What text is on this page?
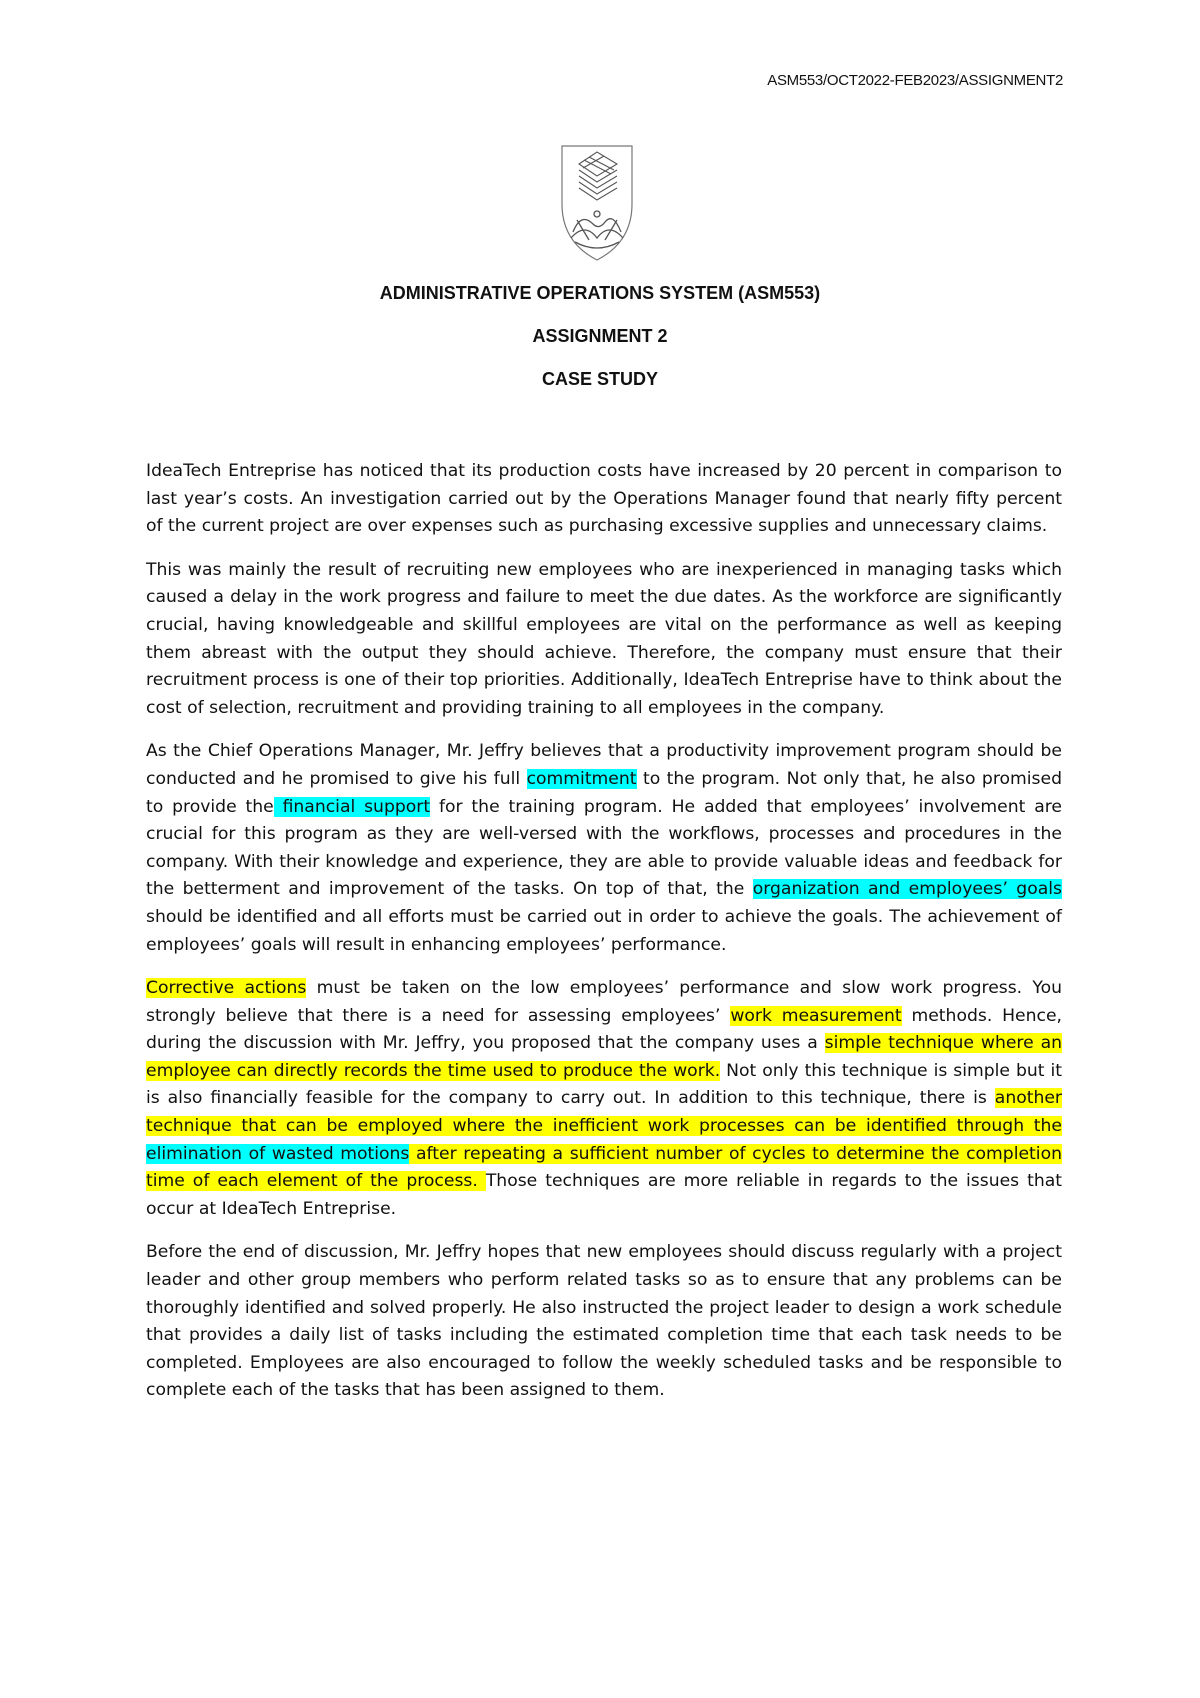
ASM553/OCT2022-FEB2023/ASSIGNMENT2
ADMINISTRATIVE OPERATIONS SYSTEM (ASM553)
ASSIGNMENT 2
CASE STUDY

IdeaTech Entreprise has noticed that its production costs have increased by 20 percent in comparison to last year’s costs. An investigation carried out by the Operations Manager found that nearly fifty percent of the current project are over expenses such as purchasing excessive supplies and unnecessary claims.

This was mainly the result of recruiting new employees who are inexperienced in managing tasks which caused a delay in the work progress and failure to meet the due dates. As the workforce are significantly crucial, having knowledgeable and skillful employees are vital on the performance as well as keeping them abreast with the output they should achieve. Therefore, the company must ensure that their recruitment process is one of their top priorities. Additionally, IdeaTech Entreprise have to think about the cost of selection, recruitment and providing training to all employees in the company.

As the Chief Operations Manager, Mr. Jeffry believes that a productivity improvement program should be conducted and he promised to give his full commitment to the program. Not only that, he also promised to provide the financial support for the training program. He added that employees’ involvement are crucial for this program as they are well-versed with the workflows, processes and procedures in the company. With their knowledge and experience, they are able to provide valuable ideas and feedback for the betterment and improvement of the tasks. On top of that, the organization and employees’ goals should be identified and all efforts must be carried out in order to achieve the goals. The achievement of employees’ goals will result in enhancing employees’ performance.

Corrective actions must be taken on the low employees’ performance and slow work progress. You strongly believe that there is a need for assessing employees’ work measurement methods. Hence, during the discussion with Mr. Jeffry, you proposed that the company uses a simple technique where an employee can directly records the time used to produce the work. Not only this technique is simple but it is also financially feasible for the company to carry out. In addition to this technique, there is another technique that can be employed where the inefficient work processes can be identified through the elimination of wasted motions after repeating a sufficient number of cycles to determine the completion time of each element of the process. Those techniques are more reliable in regards to the issues that occur at IdeaTech Entreprise.

Before the end of discussion, Mr. Jeffry hopes that new employees should discuss regularly with a project leader and other group members who perform related tasks so as to ensure that any problems can be thoroughly identified and solved properly. He also instructed the project leader to design a work schedule that provides a daily list of tasks including the estimated completion time that each task needs to be completed. Employees are also encouraged to follow the weekly scheduled tasks and be responsible to complete each of the tasks that has been assigned to them.
